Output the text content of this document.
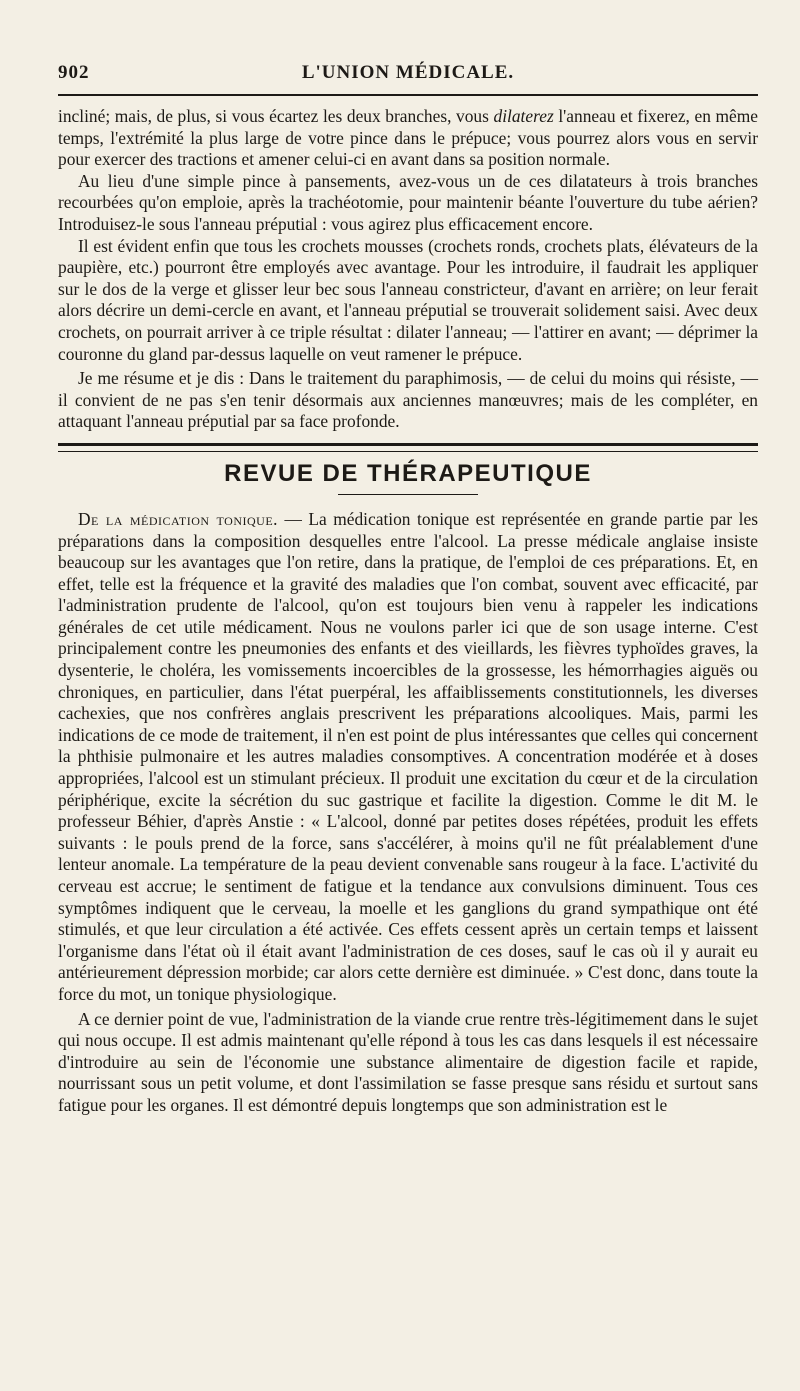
902	L'UNION MÉDICALE.

incliné; mais, de plus, si vous écartez les deux branches, vous dilaterez l'anneau et fixerez, en même temps, l'extrémité la plus large de votre pince dans le prépuce; vous pourrez alors vous en servir pour exercer des tractions et amener celui-ci en avant dans sa position normale.

Au lieu d'une simple pince à pansements, avez-vous un de ces dilatateurs à trois branches recourbées qu'on emploie, après la trachéotomie, pour maintenir béante l'ouverture du tube aérien? Introduisez-le sous l'anneau préputial : vous agirez plus efficacement encore.

Il est évident enfin que tous les crochets mousses (crochets ronds, crochets plats, élévateurs de la paupière, etc.) pourront être employés avec avantage. Pour les introduire, il faudrait les appliquer sur le dos de la verge et glisser leur bec sous l'anneau constricteur, d'avant en arrière; on leur ferait alors décrire un demi-cercle en avant, et l'anneau préputial se trouverait solidement saisi. Avec deux crochets, on pourrait arriver à ce triple résultat : dilater l'anneau; — l'attirer en avant; — déprimer la couronne du gland par-dessus laquelle on veut ramener le prépuce.

Je me résume et je dis : Dans le traitement du paraphimosis, — de celui du moins qui résiste, — il convient de ne pas s'en tenir désormais aux anciennes manœuvres; mais de les compléter, en attaquant l'anneau préputial par sa face profonde.

REVUE DE THÉRAPEUTIQUE

De la médication tonique. — La médication tonique est représentée en grande partie par les préparations dans la composition desquelles entre l'alcool. La presse médicale anglaise insiste beaucoup sur les avantages que l'on retire, dans la pratique, de l'emploi de ces préparations. Et, en effet, telle est la fréquence et la gravité des maladies que l'on combat, souvent avec efficacité, par l'administration prudente de l'alcool, qu'on est toujours bien venu à rappeler les indications générales de cet utile médicament. Nous ne voulons parler ici que de son usage interne. C'est principalement contre les pneumonies des enfants et des vieillards, les fièvres typhoïdes graves, la dysenterie, le choléra, les vomissements incoercibles de la grossesse, les hémorrhagies aiguës ou chroniques, en particulier, dans l'état puerpéral, les affaiblissements constitutionnels, les diverses cachexies, que nos confrères anglais prescrivent les préparations alcooliques. Mais, parmi les indications de ce mode de traitement, il n'en est point de plus intéressantes que celles qui concernent la phthisie pulmonaire et les autres maladies consomptives. A concentration modérée et à doses appropriées, l'alcool est un stimulant précieux. Il produit une excitation du cœur et de la circulation périphérique, excite la sécrétion du suc gastrique et facilite la digestion. Comme le dit M. le professeur Béhier, d'après Anstie : « L'alcool, donné par petites doses répétées, produit les effets suivants : le pouls prend de la force, sans s'accélérer, à moins qu'il ne fût préalablement d'une lenteur anomale. La température de la peau devient convenable sans rougeur à la face. L'activité du cerveau est accrue; le sentiment de fatigue et la tendance aux convulsions diminuent. Tous ces symptômes indiquent que le cerveau, la moelle et les ganglions du grand sympathique ont été stimulés, et que leur circulation a été activée. Ces effets cessent après un certain temps et laissent l'organisme dans l'état où il était avant l'administration de ces doses, sauf le cas où il y aurait eu antérieurement dépression morbide; car alors cette dernière est diminuée. » C'est donc, dans toute la force du mot, un tonique physiologique.

A ce dernier point de vue, l'administration de la viande crue rentre très-légitimement dans le sujet qui nous occupe. Il est admis maintenant qu'elle répond à tous les cas dans lesquels il est nécessaire d'introduire au sein de l'économie une substance alimentaire de digestion facile et rapide, nourrissant sous un petit volume, et dont l'assimilation se fasse presque sans résidu et surtout sans fatigue pour les organes. Il est démontré depuis longtemps que son administration est le
